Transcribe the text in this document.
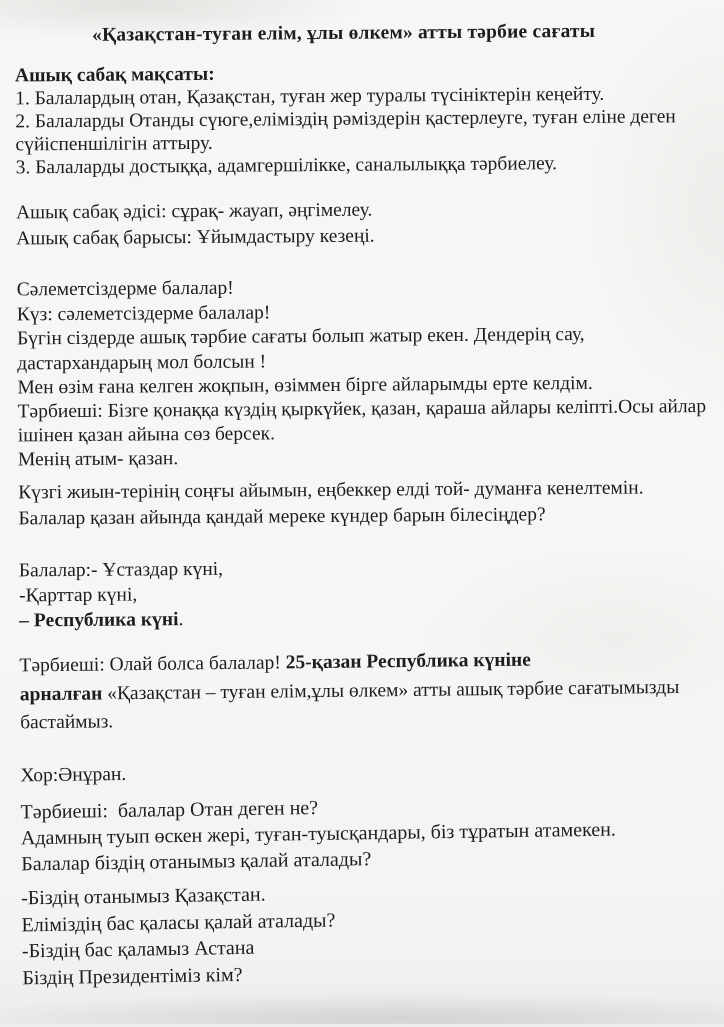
«Қазақстан-туған елім, ұлы өлкем» атты тәрбие сағаты
Ашық сабақ мақсаты:
1. Балалардың отан, Қазақстан, туған жер туралы түсініктерін кеңейту.
2. Балаларды Отанды сүюге,еліміздің рәміздерін қастерлеуге, туған еліне деген
сүйіспеншілігін аттыру.
3. Балаларды достыққа, адамгершілікке, саналылыққа тәрбиелеу.
Ашық сабақ әдісі: сұрақ- жауап, әңгімелеу.
Ашық сабақ барысы: Ұйымдастыру кезеңі.
Сәлеметсіздерме балалар!
Күз: сәлеметсіздерме балалар!
Бүгін сіздерде ашық тәрбие сағаты болып жатыр екен. Дендерің сау,
дастархандарың мол болсын !
Мен өзім ғана келген жоқпын, өзіммен бірге айларымды ерте келдім.
Тәрбиеші: Бізге қонаққа күздің қыркүйек, қазан, қараша айлары келіпті.Осы айлар
ішінен қазан айына сөз берсек.
Менің атым- қазан.
Күзгі жиын-терінің соңғы айымын, еңбеккер елді той- думанға кенелтемін.
Балалар қазан айында қандай мереке күндер барын білесіңдер?
Балалар:- Ұстаздар күні,
-Қарттар күні,
– Республика күні.
Тәрбиеші: Олай болса балалар! 25-қазан Республика күніне
арналған «Қазақстан – туған елім,ұлы өлкем» атты ашық тәрбие сағатымызды
бастаймыз.
Хор:Әнұран.
Тәрбиеші:  балалар Отан деген не?
Адамның туып өскен жері, туған-туысқандары, біз тұратын атамекен.
Балалар біздің отанымыз қалай аталады?
-Біздің отанымыз Қазақстан.
Еліміздің бас қаласы қалай аталады?
-Біздің бас қаламыз Астана
Біздің Президентіміз кім?
